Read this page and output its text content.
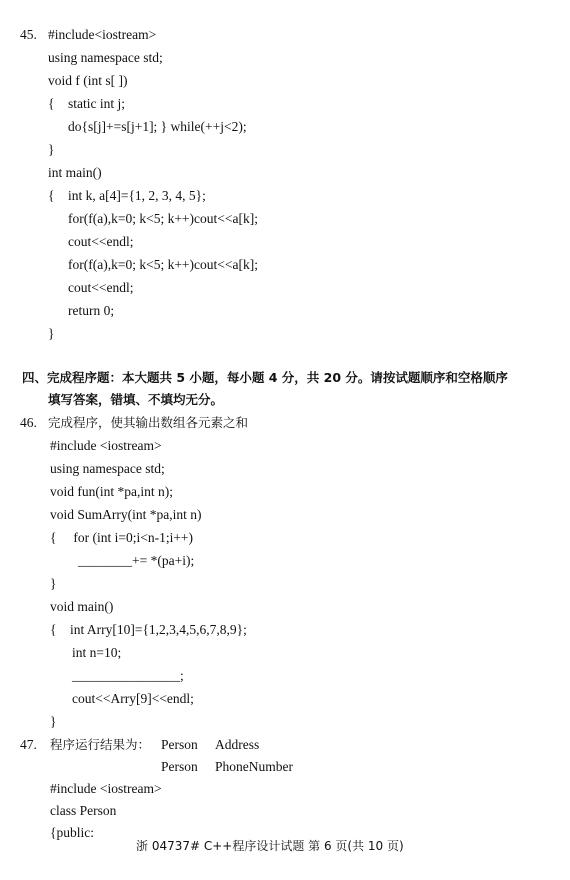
45. #include<iostream>
using namespace std;
void f (int s[ ])
{    static int j;
do{s[j]+=s[j+1]; } while(++j<2);
}
int main()
{    int k, a[4]={1, 2, 3, 4, 5};
for(f(a),k=0; k<5; k++)cout<<a[k];
cout<<endl;
for(f(a),k=0; k<5; k++)cout<<a[k];
cout<<endl;
return 0;
}
四、完成程序题：本大题共 5 小题，每小题 4 分，共 20 分。请按试题顺序和空格顺序
填写答案，错填、不填均无分。
46. 完成程序，使其输出数组各元素之和
#include <iostream>
using namespace std;
void fun(int *pa,int n);
void SumArry(int *pa,int n)
{     for (int i=0;i<n-1;i++)
________+= *(pa+i);
}
void main()
{    int Arry[10]={1,2,3,4,5,6,7,8,9};
int n=10;
________________;
cout<<Arry[9]<<endl;
}
47. 程序运行结果为： Person Address
Person PhoneNumber
#include <iostream>
class Person
{public:
浙 04737# C++程序设计试题 第 6 页(共 10 页)
